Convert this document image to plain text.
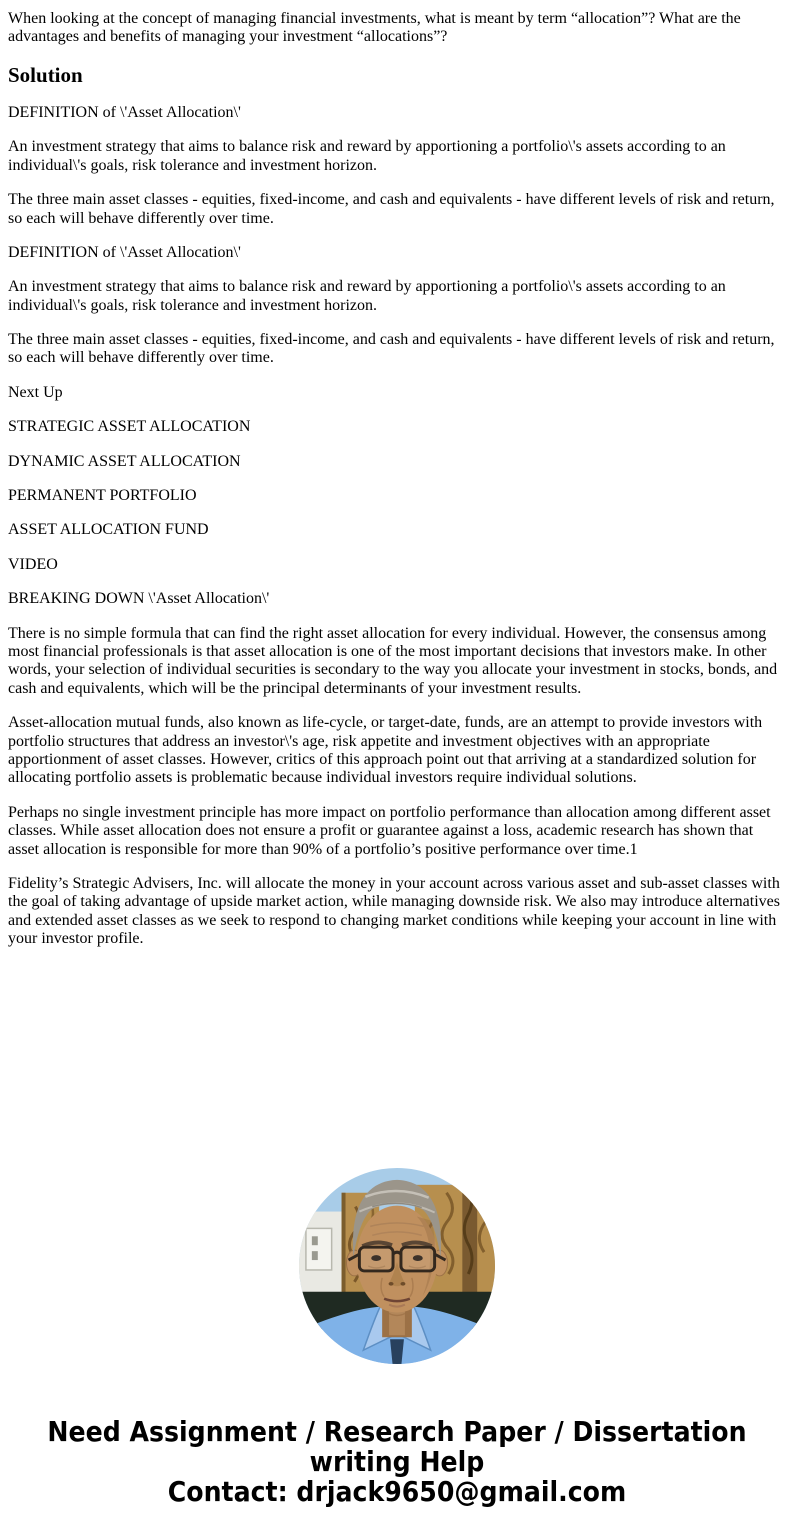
When looking at the concept of managing financial investments, what is meant by term “allocation”? What are the advantages and benefits of managing your investment “allocations”?

Solution

DEFINITION of \'Asset Allocation\'

An investment strategy that aims to balance risk and reward by apportioning a portfolio\'s assets according to an individual\'s goals, risk tolerance and investment horizon.

The three main asset classes - equities, fixed-income, and cash and equivalents - have different levels of risk and return, so each will behave differently over time.

DEFINITION of \'Asset Allocation\'

An investment strategy that aims to balance risk and reward by apportioning a portfolio\'s assets according to an individual\'s goals, risk tolerance and investment horizon.

The three main asset classes - equities, fixed-income, and cash and equivalents - have different levels of risk and return, so each will behave differently over time.

Next Up

STRATEGIC ASSET ALLOCATION

DYNAMIC ASSET ALLOCATION

PERMANENT PORTFOLIO

ASSET ALLOCATION FUND

VIDEO

BREAKING DOWN \'Asset Allocation\'

There is no simple formula that can find the right asset allocation for every individual. However, the consensus among most financial professionals is that asset allocation is one of the most important decisions that investors make. In other words, your selection of individual securities is secondary to the way you allocate your investment in stocks, bonds, and cash and equivalents, which will be the principal determinants of your investment results.

Asset-allocation mutual funds, also known as life-cycle, or target-date, funds, are an attempt to provide investors with portfolio structures that address an investor\'s age, risk appetite and investment objectives with an appropriate apportionment of asset classes. However, critics of this approach point out that arriving at a standardized solution for allocating portfolio assets is problematic because individual investors require individual solutions.

Perhaps no single investment principle has more impact on portfolio performance than allocation among different asset classes. While asset allocation does not ensure a profit or guarantee against a loss, academic research has shown that asset allocation is responsible for more than 90% of a portfolio’s positive performance over time.1

Fidelity’s Strategic Advisers, Inc. will allocate the money in your account across various asset and sub-asset classes with the goal of taking advantage of upside market action, while managing downside risk. We also may introduce alternatives and extended asset classes as we seek to respond to changing market conditions while keeping your account in line with your investor profile.

Need Assignment / Research Paper / Dissertation
writing Help
Contact: drjack9650@gmail.com
